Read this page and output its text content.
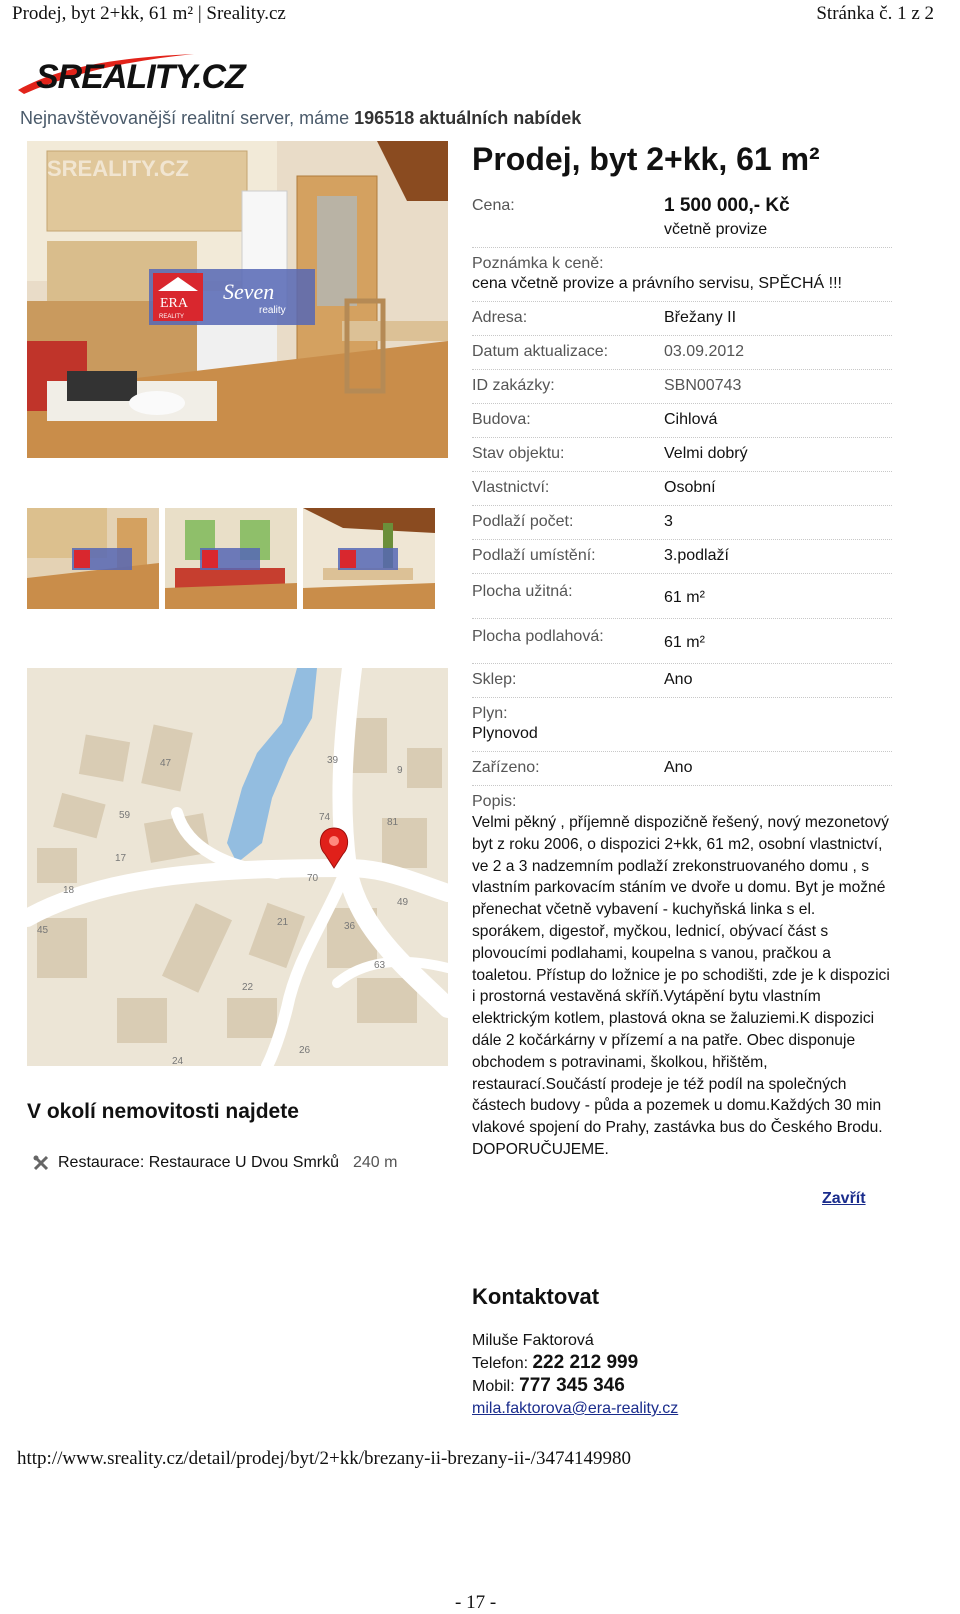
Prodej, byt 2+kk, 61 m² | Sreality.cz	Stránka č. 1 z 2
SREALITY.CZ
Nejnavštěvovanější realitní server, máme 196518 aktuálních nabídek
SREALITY.CZ
ERA
REALITY
Seven
reality
47	39
9
59	74	81
17
18
70
49
45
21	36
63
22
26
24
V okolí nemovitosti najdete
Restaurace: Restaurace U Dvou Smrků 240 m
Prodej, byt 2+kk, 61 m²
Cena:	1 500 000,- Kč
včetně provize
Poznámka k ceně:
cena včetně provize a právního servisu, SPĚCHÁ !!!
Adresa:	Břežany II
Datum aktualizace:	03.09.2012
ID zakázky:	SBN00743
Budova:	Cihlová
Stav objektu:	Velmi dobrý
Vlastnictví:	Osobní
Podlaží počet:	3
Podlaží umístění:	3.podlaží
Plocha užitná:	61 m²
Plocha podlahová:	61 m²
Sklep:	Ano
Plyn:
Plynovod
Zařízeno:	Ano
Popis:
Velmi pěkný , příjemně dispozičně řešený, nový mezonetový byt z roku 2006, o dispozici 2+kk, 61 m2, osobní vlastnictví, ve 2 a 3 nadzemním podlaží zrekonstruovaného domu , s vlastním parkovacím stáním ve dvoře u domu. Byt je možné přenechat včetně vybavení - kuchyňská linka s el. sporákem, digestoř, myčkou, lednicí, obývací část s plovoucími podlahami, koupelna s vanou, pračkou a toaletou. Přístup do ložnice je po schodišti, zde je k dispozici i prostorná vestavěná skříň.Vytápění bytu vlastním elektrickým kotlem, plastová okna se žaluziemi.K dispozici dále 2 kočárkárny v přízemí a na patře. Obec disponuje obchodem s potravinami, školkou, hřištěm, restaurací.Součástí prodeje je též podíl na společných částech budovy - půda a pozemek u domu.Každých 30 min vlakové spojení do Prahy, zastávka bus do Českého Brodu. DOPORUČUJEME.
Zavřít
Kontaktovat
Miluše Faktorová
Telefon: 222 212 999
Mobil: 777 345 346
mila.faktorova@era-reality.cz
http://www.sreality.cz/detail/prodej/byt/2+kk/brezany-ii-brezany-ii-/3474149980
- 17 -
